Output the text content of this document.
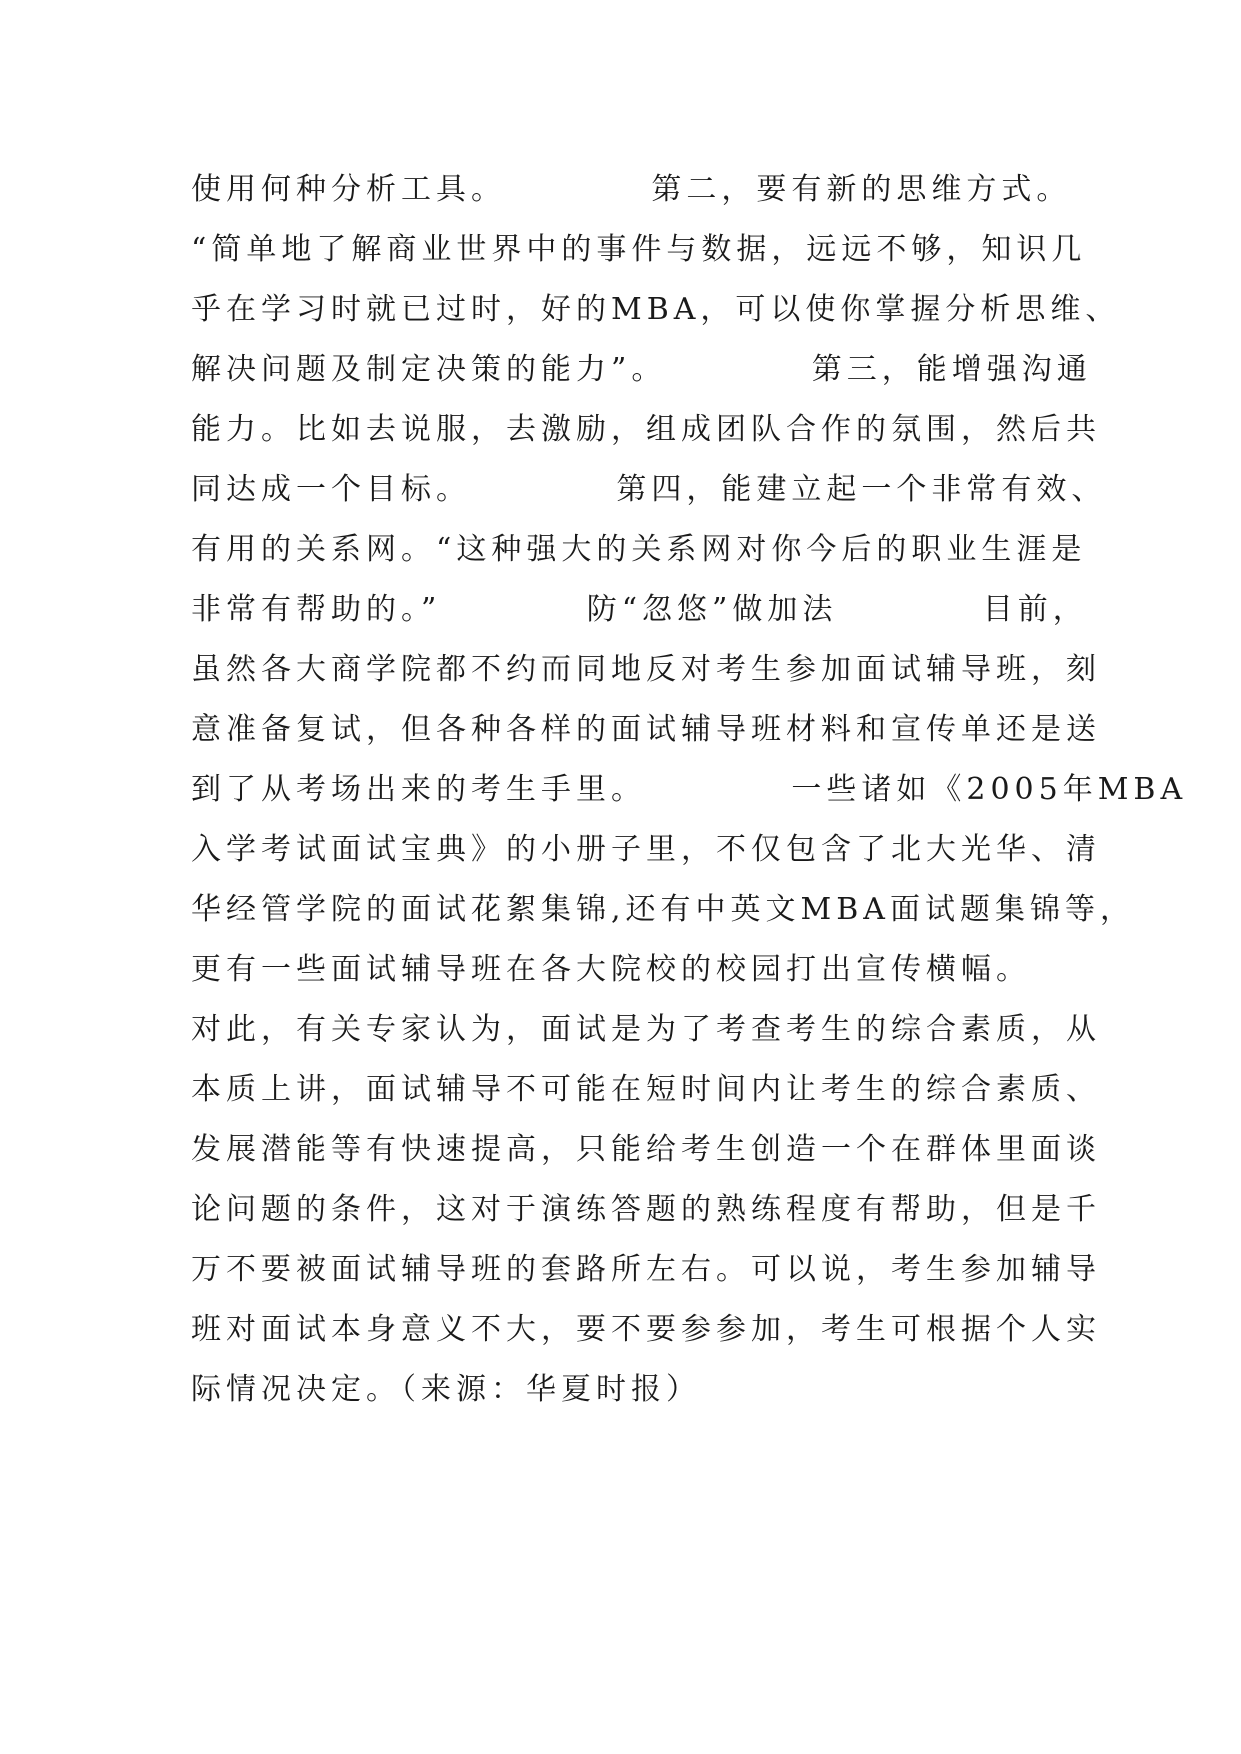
使用何种分析工具。          第二，要有新的思维方式。
“简单地了解商业世界中的事件与数据，远远不够，知识几
乎在学习时就已过时，好的MBA，可以使你掌握分析思维、
解决问题及制定决策的能力”。          第三，能增强沟通
能力。比如去说服，去激励，组成团队合作的氛围，然后共
同达成一个目标。          第四，能建立起一个非常有效、
有用的关系网。“这种强大的关系网对你今后的职业生涯是
非常有帮助的。”          防“忽悠”做加法          目前，
虽然各大商学院都不约而同地反对考生参加面试辅导班，刻
意准备复试，但各种各样的面试辅导班材料和宣传单还是送
到了从考场出来的考生手里。          一些诸如《2005年MBA
入学考试面试宝典》的小册子里，不仅包含了北大光华、清
华经管学院的面试花絮集锦,还有中英文MBA面试题集锦等，
更有一些面试辅导班在各大院校的校园打出宣传横幅。
对此，有关专家认为，面试是为了考查考生的综合素质，从
本质上讲，面试辅导不可能在短时间内让考生的综合素质、
发展潜能等有快速提高，只能给考生创造一个在群体里面谈
论问题的条件，这对于演练答题的熟练程度有帮助，但是千
万不要被面试辅导班的套路所左右。可以说，考生参加辅导
班对面试本身意义不大，要不要参参加，考生可根据个人实
际情况决定。（来源：华夏时报）
